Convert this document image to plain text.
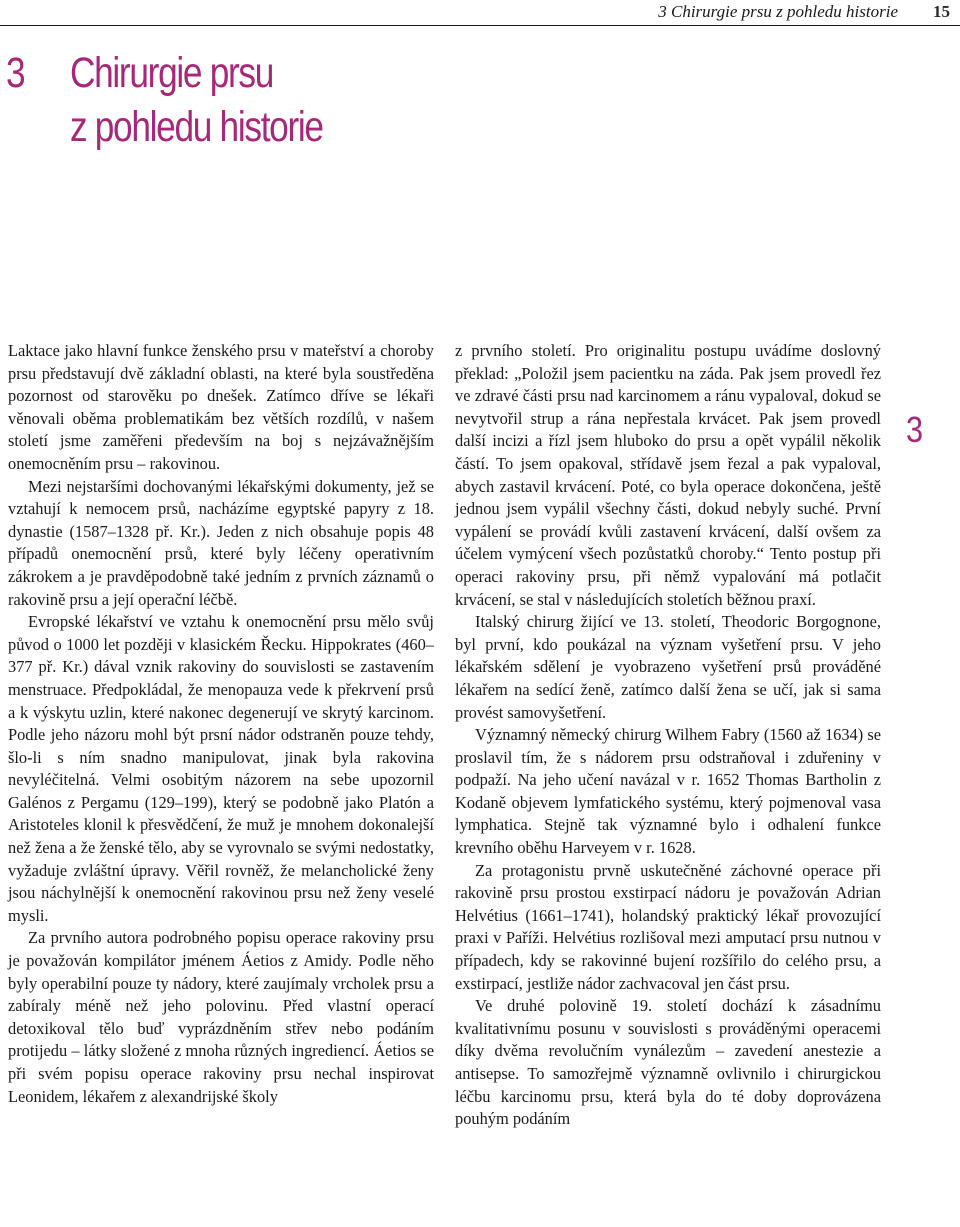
3 Chirurgie prsu z pohledu historie	15
3 Chirurgie prsu
z pohledu historie
3

Laktace jako hlavní funkce ženského prsu v mateřství a choroby prsu představují dvě základní oblasti, na které byla soustředěna pozornost od starověku po dnešek. Zatímco dříve se lékaři věnovali oběma problematikám bez větších rozdílů, v našem století jsme zaměřeni především na boj s nejzávažnějším onemocněním prsu – rakovinou.

Mezi nejstaršími dochovanými lékařskými dokumenty, jež se vztahují k nemocem prsů, nacházíme egyptské papyry z 18. dynastie (1587–1328 př. Kr.). Jeden z nich obsahuje popis 48 případů onemocnění prsů, které byly léčeny operativním zákrokem a je pravděpodobně také jedním z prvních záznamů o rakovině prsu a její operační léčbě.

Evropské lékařství ve vztahu k onemocnění prsu mělo svůj původ o 1000 let později v klasickém Řecku. Hippokrates (460–377 př. Kr.) dával vznik rakoviny do souvislosti se zastavením menstruace. Předpokládal, že menopauza vede k překrvení prsů a k výskytu uzlin, které nakonec degenerují ve skrytý karcinom. Podle jeho názoru mohl být prsní nádor odstraněn pouze tehdy, šlo-li s ním snadno manipulovat, jinak byla rakovina nevyléčitelná. Velmi osobitým názorem na sebe upozornil Galénos z Pergamu (129–199), který se podobně jako Platón a Aristoteles klonil k přesvědčení, že muž je mnohem dokonalejší než žena a že ženské tělo, aby se vyrovnalo se svými nedostatky, vyžaduje zvláštní úpravy. Věřil rovněž, že melancholické ženy jsou náchylnější k onemocnění rakovinou prsu než ženy veselé mysli.

Za prvního autora podrobného popisu operace rakoviny prsu je považován kompilátor jménem Áetios z Amidy. Podle něho byly operabilní pouze ty nádory, které zaujímaly vrcholek prsu a zabíraly méně než jeho polovinu. Před vlastní operací detoxikoval tělo buď vyprázdněním střev nebo podáním protijedu – látky složené z mnoha různých ingrediencí. Áetios se při svém popisu operace rakoviny prsu nechal inspirovat Leonidem, lékařem z alexandrijské školy

z prvního století. Pro originalitu postupu uvádíme doslovný překlad: „Položil jsem pacientku na záda. Pak jsem provedl řez ve zdravé části prsu nad karcinomem a ránu vypaloval, dokud se nevytvořil strup a rána nepřestala krvácet. Pak jsem provedl další incizi a řízl jsem hluboko do prsu a opět vypálil několik částí. To jsem opakoval, střídavě jsem řezal a pak vypaloval, abych zastavil krvácení. Poté, co byla operace dokončena, ještě jednou jsem vypálil všechny části, dokud nebyly suché. První vypálení se provádí kvůli zastavení krvácení, další ovšem za účelem vymýcení všech pozůstatků choroby.“ Tento postup při operaci rakoviny prsu, při němž vypalování má potlačit krvácení, se stal v následujících stoletích běžnou praxí.

Italský chirurg žijící ve 13. století, Theodoric Borgognone, byl první, kdo poukázal na význam vyšetření prsu. V jeho lékařském sdělení je vyobrazeno vyšetření prsů prováděné lékařem na sedící ženě, zatímco další žena se učí, jak si sama provést samovyšetření.

Významný německý chirurg Wilhem Fabry (1560 až 1634) se proslavil tím, že s nádorem prsu odstraňoval i zduřeniny v podpaží. Na jeho učení navázal v r. 1652 Thomas Bartholin z Kodaně objevem lymfatického systému, který pojmenoval vasa lymphatica. Stejně tak významné bylo i odhalení funkce krevního oběhu Harveyem v r. 1628.

Za protagonistu prvně uskutečněné záchovné operace při rakovině prsu prostou exstirpací nádoru je považován Adrian Helvétius (1661–1741), holandský praktický lékař provozující praxi v Paříži. Helvétius rozlišoval mezi amputací prsu nutnou v případech, kdy se rakovinné bujení rozšířilo do celého prsu, a exstirpací, jestliže nádor zachvacoval jen část prsu.

Ve druhé polovině 19. století dochází k zásadnímu kvalitativnímu posunu v souvislosti s prováděnými operacemi díky dvěma revolučním vynálezům – zavedení anestezie a antisepse. To samozřejmě významně ovlivnilo i chirurgickou léčbu karcinomu prsu, která byla do té doby doprovázena pouhým podáním
